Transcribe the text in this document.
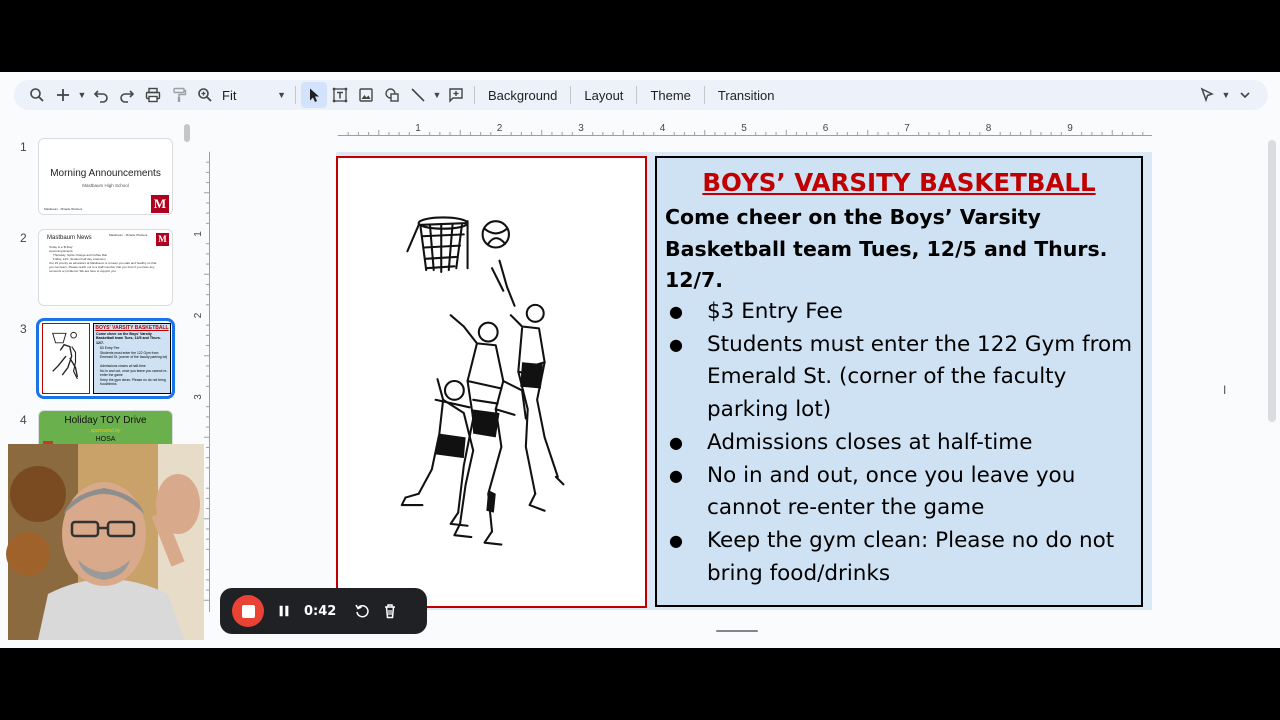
▼	Fit	▼	▼	Background	Layout	Theme	Transition	▼
1
Morning Announcements
Mastbaum High School
Mastbaum · Miracle Workers	M
2	Mastbaum News	Mastbaum · Miracle Workers M
Today is a 'B-Day'
Upcoming Events:
Thursday, Sprite Orange and Coffee Mat
Friday, 12/1, Student half day extension
Our #1 priority as educators at Mastbaum is to keep you safe and healthy so that you can learn. Please reach out to a staff member that you trust if you have any concerns or problems. We are here to support you.
3	BOYS' VARSITY BASKETBALL
Come cheer on the Boys' Varsity Basketball team Tues, 12/5 and Thurs. 12/7.
$3 Entry Fee
Students must enter the 122 Gym from Emerald St. (corner of the faculty parking lot)
Admissions closes at half-time
No in and out, once you leave you cannot re-enter the game
Keep the gym clean: Please no do not bring food/drinks
4	Holiday TOY Drive
sponsored by
HOSA
1	2	3	4	5	6	7	8	9
1
2
3
BOYS’ VARSITY BASKETBALL
Come cheer on the Boys’ Varsity Basketball team Tues, 12/5 and Thurs. 12/7.
● $3 Entry Fee
● Students must enter the 122 Gym from Emerald St. (corner of the faculty parking lot)
● Admissions closes at half-time
● No in and out, once you leave you cannot re-enter the game
● Keep the gym clean: Please no do not bring food/drinks
I
0:42
